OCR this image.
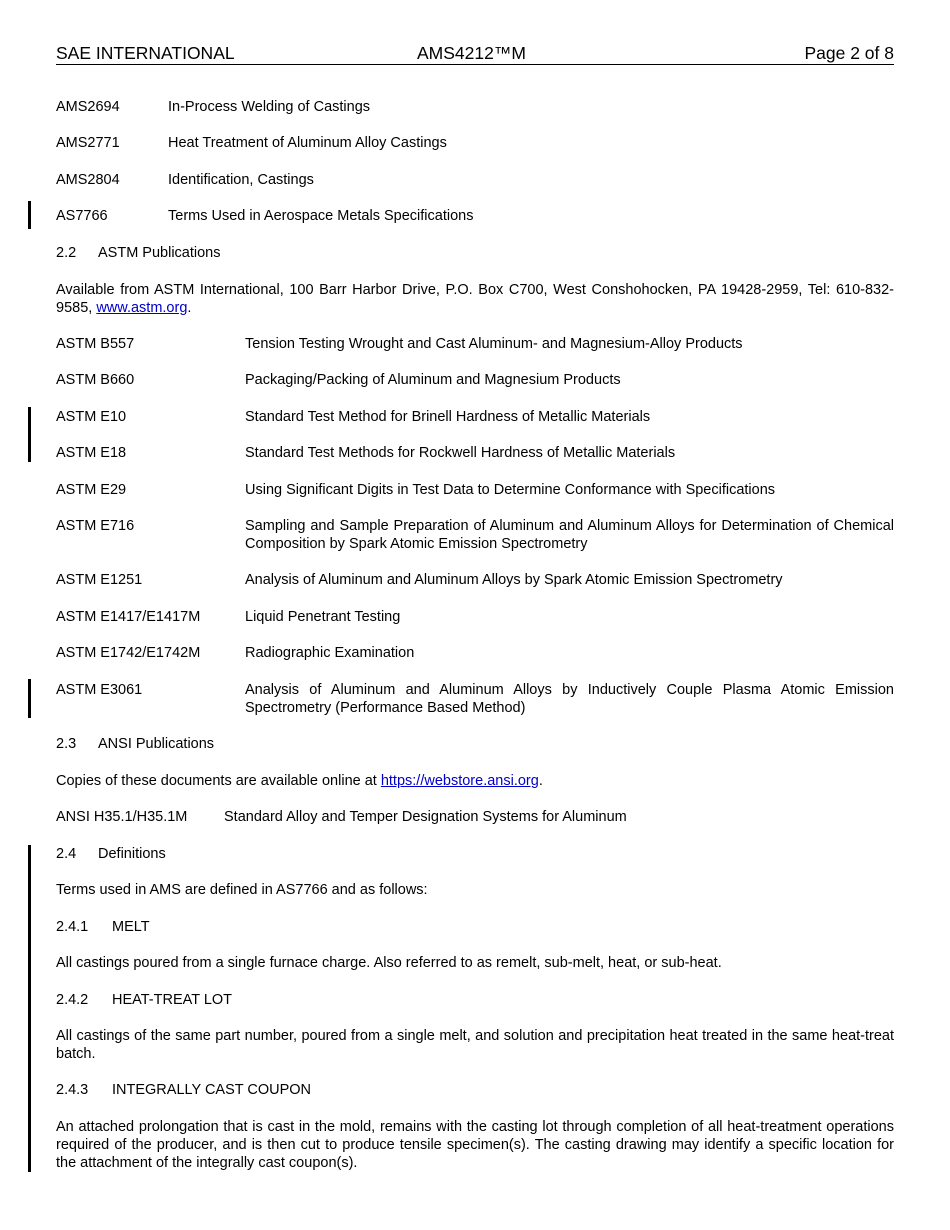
SAE INTERNATIONAL	AMS4212™M	Page 2 of 8
AMS2694	In-Process Welding of Castings
AMS2771	Heat Treatment of Aluminum Alloy Castings
AMS2804	Identification, Castings
AS7766	Terms Used in Aerospace Metals Specifications
2.2 ASTM Publications
Available from ASTM International, 100 Barr Harbor Drive, P.O. Box C700, West Conshohocken, PA 19428-2959, Tel: 610-832-9585, www.astm.org.
ASTM B557	Tension Testing Wrought and Cast Aluminum- and Magnesium-Alloy Products
ASTM B660	Packaging/Packing of Aluminum and Magnesium Products
ASTM E10	Standard Test Method for Brinell Hardness of Metallic Materials
ASTM E18	Standard Test Methods for Rockwell Hardness of Metallic Materials
ASTM E29	Using Significant Digits in Test Data to Determine Conformance with Specifications
ASTM E716	Sampling and Sample Preparation of Aluminum and Aluminum Alloys for Determination of Chemical Composition by Spark Atomic Emission Spectrometry
ASTM E1251	Analysis of Aluminum and Aluminum Alloys by Spark Atomic Emission Spectrometry
ASTM E1417/E1417M	Liquid Penetrant Testing
ASTM E1742/E1742M	Radiographic Examination
ASTM E3061	Analysis of Aluminum and Aluminum Alloys by Inductively Couple Plasma Atomic Emission Spectrometry (Performance Based Method)
2.3 ANSI Publications
Copies of these documents are available online at https://webstore.ansi.org.
ANSI H35.1/H35.1M	Standard Alloy and Temper Designation Systems for Aluminum
2.4 Definitions
Terms used in AMS are defined in AS7766 and as follows:
2.4.1 MELT
All castings poured from a single furnace charge. Also referred to as remelt, sub-melt, heat, or sub-heat.
2.4.2 HEAT-TREAT LOT
All castings of the same part number, poured from a single melt, and solution and precipitation heat treated in the same heat-treat batch.
2.4.3 INTEGRALLY CAST COUPON
An attached prolongation that is cast in the mold, remains with the casting lot through completion of all heat-treatment operations required of the producer, and is then cut to produce tensile specimen(s). The casting drawing may identify a specific location for the attachment of the integrally cast coupon(s).
